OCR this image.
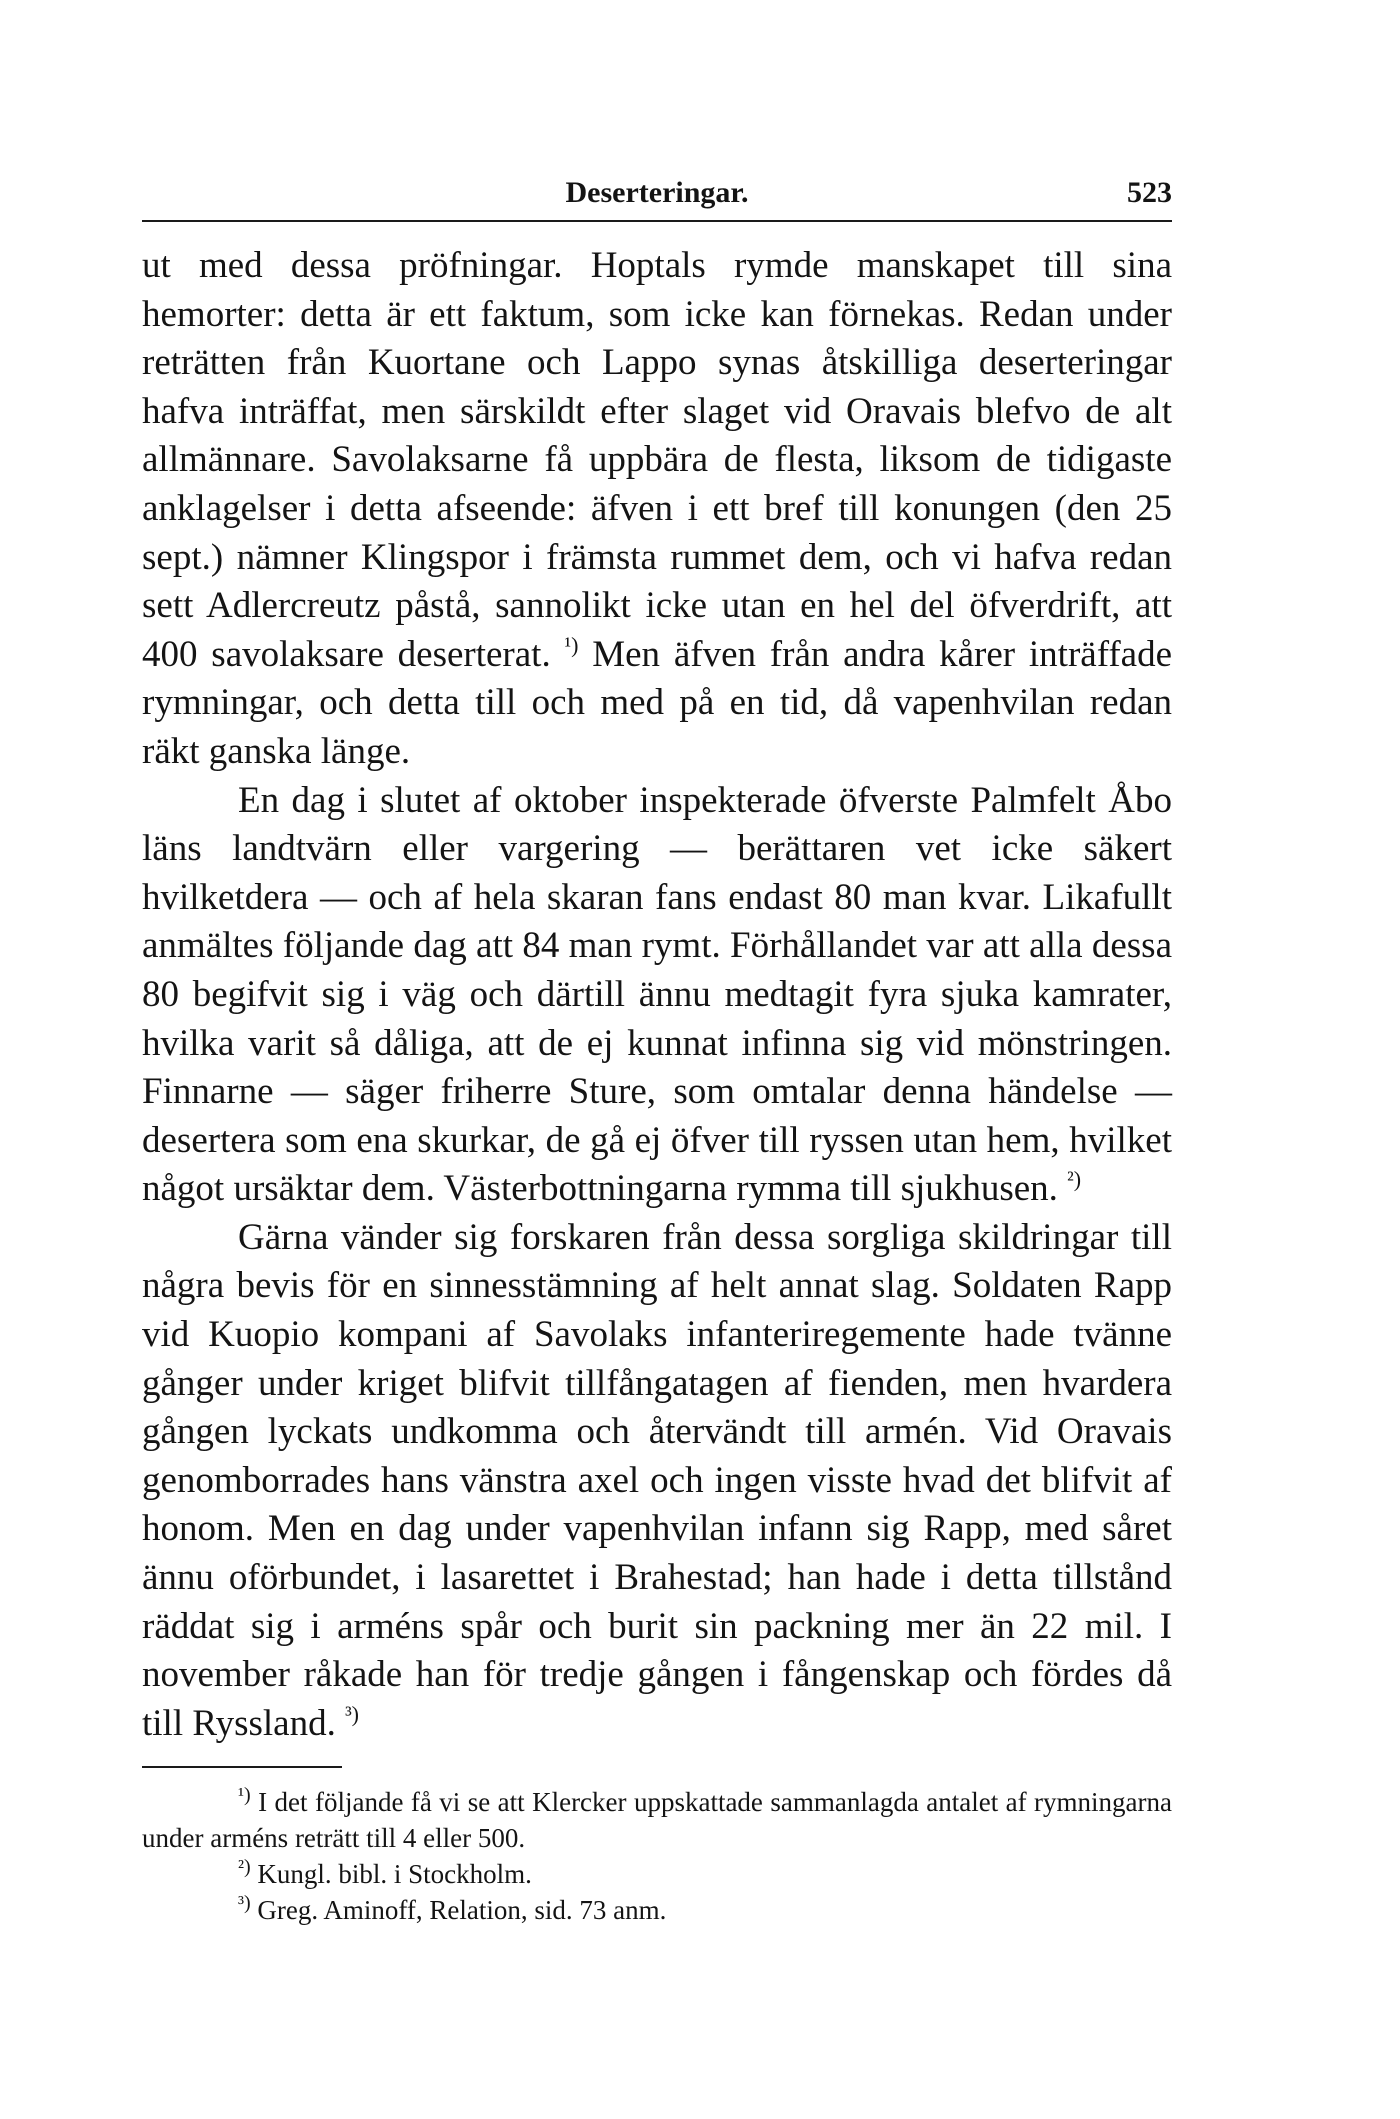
Deserteringar.	523

ut med dessa pröfningar. Hoptals rymde manskapet till sina hemorter: detta är ett faktum, som icke kan förnekas. Redan under reträtten från Kuortane och Lappo synas åtskilliga deserteringar hafva inträffat, men särskildt efter slaget vid Oravais blefvo de alt allmännare. Savolaksarne få uppbära de flesta, liksom de tidigaste anklagelser i detta afseende: äfven i ett bref till konungen (den 25 sept.) nämner Klingspor i främsta rummet dem, och vi hafva redan sett Adlercreutz påstå, sannolikt icke utan en hel del öfverdrift, att 400 savolaksare deserterat. $^{^1)}$ Men äfven från andra kårer inträffade rymningar, och detta till och med på en tid, då vapenhvilan redan räkt ganska länge.

En dag i slutet af oktober inspekterade öfverste Palmfelt Åbo läns landtvärn eller vargering — berättaren vet icke säkert hvilketdera — och af hela skaran fans endast 80 man kvar. Likafullt anmältes följande dag att 84 man rymt. Förhållandet var att alla dessa 80 begifvit sig i väg och därtill ännu medtagit fyra sjuka kamrater, hvilka varit så dåliga, att de ej kunnat infinna sig vid mönstringen. Finnarne — säger friherre Sture, som omtalar denna händelse — desertera som ena skurkar, de gå ej öfver till ryssen utan hem, hvilket något ursäktar dem. Västerbottningarna rymma till sjukhusen. $^{^2)}$

Gärna vänder sig forskaren från dessa sorgliga skildringar till några bevis för en sinnesstämning af helt annat slag. Soldaten Rapp vid Kuopio kompani af Savolaks infanteriregemente hade tvänne gånger under kriget blifvit tillfångatagen af fienden, men hvardera gången lyckats undkomma och återvändt till armén. Vid Oravais genomborrades hans vänstra axel och ingen visste hvad det blifvit af honom. Men en dag under vapenhvilan infann sig Rapp, med såret ännu oförbundet, i lasarettet i Brahestad; han hade i detta tillstånd räddat sig i arméns spår och burit sin packning mer än 22 mil. I november råkade han för tredje gången i fångenskap och fördes då till Ryssland. $^{^3)}$

$^{^1)}$ I det följande få vi se att Klercker uppskattade sammanlagda antalet af rymningarna under arméns reträtt till 4 eller 500.

$^{^2)}$ Kungl. bibl. i Stockholm.

$^{^3)}$ Greg. Aminoff, Relation, sid. 73 anm.
